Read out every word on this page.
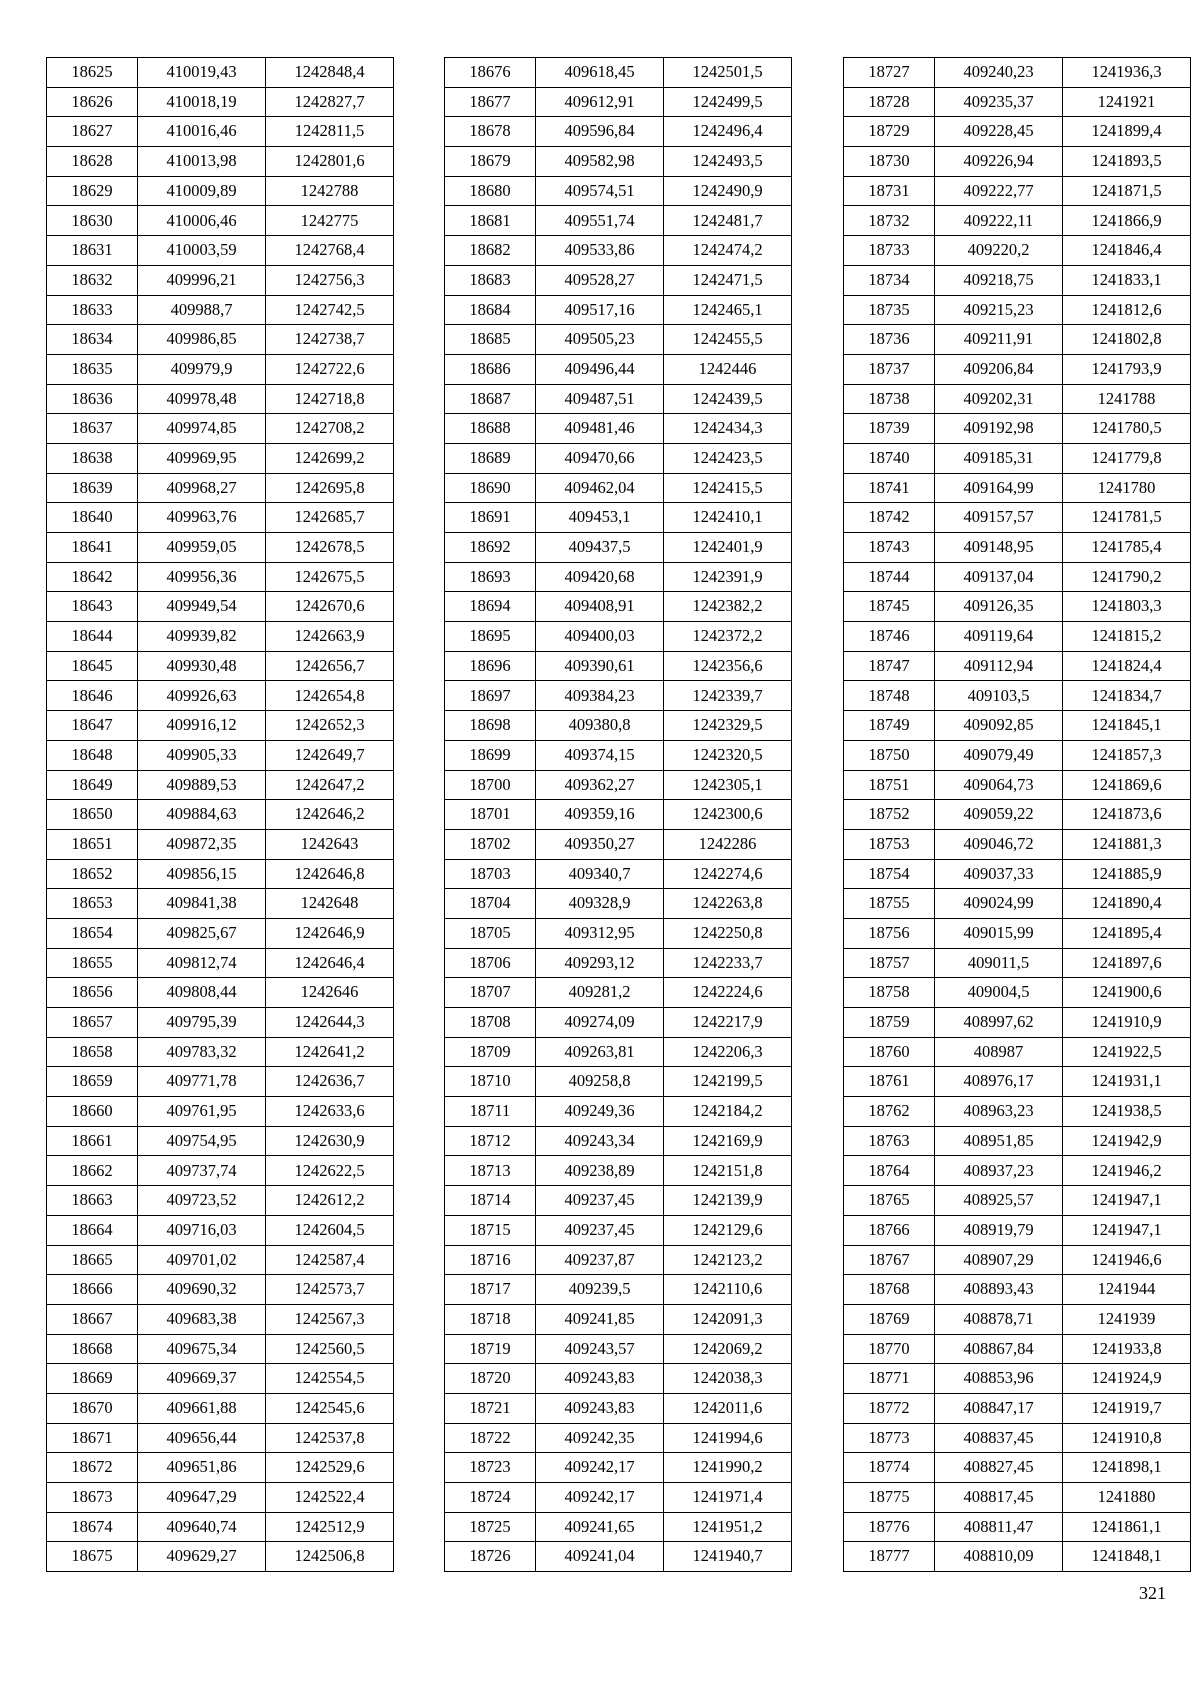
18625	410019,43	1242848,4
18626	410018,19	1242827,7
18627	410016,46	1242811,5
18628	410013,98	1242801,6
18629	410009,89	1242788
18630	410006,46	1242775
18631	410003,59	1242768,4
18632	409996,21	1242756,3
18633	409988,7	1242742,5
18634	409986,85	1242738,7
18635	409979,9	1242722,6
18636	409978,48	1242718,8
18637	409974,85	1242708,2
18638	409969,95	1242699,2
18639	409968,27	1242695,8
18640	409963,76	1242685,7
18641	409959,05	1242678,5
18642	409956,36	1242675,5
18643	409949,54	1242670,6
18644	409939,82	1242663,9
18645	409930,48	1242656,7
18646	409926,63	1242654,8
18647	409916,12	1242652,3
18648	409905,33	1242649,7
18649	409889,53	1242647,2
18650	409884,63	1242646,2
18651	409872,35	1242643
18652	409856,15	1242646,8
18653	409841,38	1242648
18654	409825,67	1242646,9
18655	409812,74	1242646,4
18656	409808,44	1242646
18657	409795,39	1242644,3
18658	409783,32	1242641,2
18659	409771,78	1242636,7
18660	409761,95	1242633,6
18661	409754,95	1242630,9
18662	409737,74	1242622,5
18663	409723,52	1242612,2
18664	409716,03	1242604,5
18665	409701,02	1242587,4
18666	409690,32	1242573,7
18667	409683,38	1242567,3
18668	409675,34	1242560,5
18669	409669,37	1242554,5
18670	409661,88	1242545,6
18671	409656,44	1242537,8
18672	409651,86	1242529,6
18673	409647,29	1242522,4
18674	409640,74	1242512,9
18675	409629,27	1242506,8
18676	409618,45	1242501,5
18677	409612,91	1242499,5
18678	409596,84	1242496,4
18679	409582,98	1242493,5
18680	409574,51	1242490,9
18681	409551,74	1242481,7
18682	409533,86	1242474,2
18683	409528,27	1242471,5
18684	409517,16	1242465,1
18685	409505,23	1242455,5
18686	409496,44	1242446
18687	409487,51	1242439,5
18688	409481,46	1242434,3
18689	409470,66	1242423,5
18690	409462,04	1242415,5
18691	409453,1	1242410,1
18692	409437,5	1242401,9
18693	409420,68	1242391,9
18694	409408,91	1242382,2
18695	409400,03	1242372,2
18696	409390,61	1242356,6
18697	409384,23	1242339,7
18698	409380,8	1242329,5
18699	409374,15	1242320,5
18700	409362,27	1242305,1
18701	409359,16	1242300,6
18702	409350,27	1242286
18703	409340,7	1242274,6
18704	409328,9	1242263,8
18705	409312,95	1242250,8
18706	409293,12	1242233,7
18707	409281,2	1242224,6
18708	409274,09	1242217,9
18709	409263,81	1242206,3
18710	409258,8	1242199,5
18711	409249,36	1242184,2
18712	409243,34	1242169,9
18713	409238,89	1242151,8
18714	409237,45	1242139,9
18715	409237,45	1242129,6
18716	409237,87	1242123,2
18717	409239,5	1242110,6
18718	409241,85	1242091,3
18719	409243,57	1242069,2
18720	409243,83	1242038,3
18721	409243,83	1242011,6
18722	409242,35	1241994,6
18723	409242,17	1241990,2
18724	409242,17	1241971,4
18725	409241,65	1241951,2
18726	409241,04	1241940,7
18727	409240,23	1241936,3
18728	409235,37	1241921
18729	409228,45	1241899,4
18730	409226,94	1241893,5
18731	409222,77	1241871,5
18732	409222,11	1241866,9
18733	409220,2	1241846,4
18734	409218,75	1241833,1
18735	409215,23	1241812,6
18736	409211,91	1241802,8
18737	409206,84	1241793,9
18738	409202,31	1241788
18739	409192,98	1241780,5
18740	409185,31	1241779,8
18741	409164,99	1241780
18742	409157,57	1241781,5
18743	409148,95	1241785,4
18744	409137,04	1241790,2
18745	409126,35	1241803,3
18746	409119,64	1241815,2
18747	409112,94	1241824,4
18748	409103,5	1241834,7
18749	409092,85	1241845,1
18750	409079,49	1241857,3
18751	409064,73	1241869,6
18752	409059,22	1241873,6
18753	409046,72	1241881,3
18754	409037,33	1241885,9
18755	409024,99	1241890,4
18756	409015,99	1241895,4
18757	409011,5	1241897,6
18758	409004,5	1241900,6
18759	408997,62	1241910,9
18760	408987	1241922,5
18761	408976,17	1241931,1
18762	408963,23	1241938,5
18763	408951,85	1241942,9
18764	408937,23	1241946,2
18765	408925,57	1241947,1
18766	408919,79	1241947,1
18767	408907,29	1241946,6
18768	408893,43	1241944
18769	408878,71	1241939
18770	408867,84	1241933,8
18771	408853,96	1241924,9
18772	408847,17	1241919,7
18773	408837,45	1241910,8
18774	408827,45	1241898,1
18775	408817,45	1241880
18776	408811,47	1241861,1
18777	408810,09	1241848,1
321
